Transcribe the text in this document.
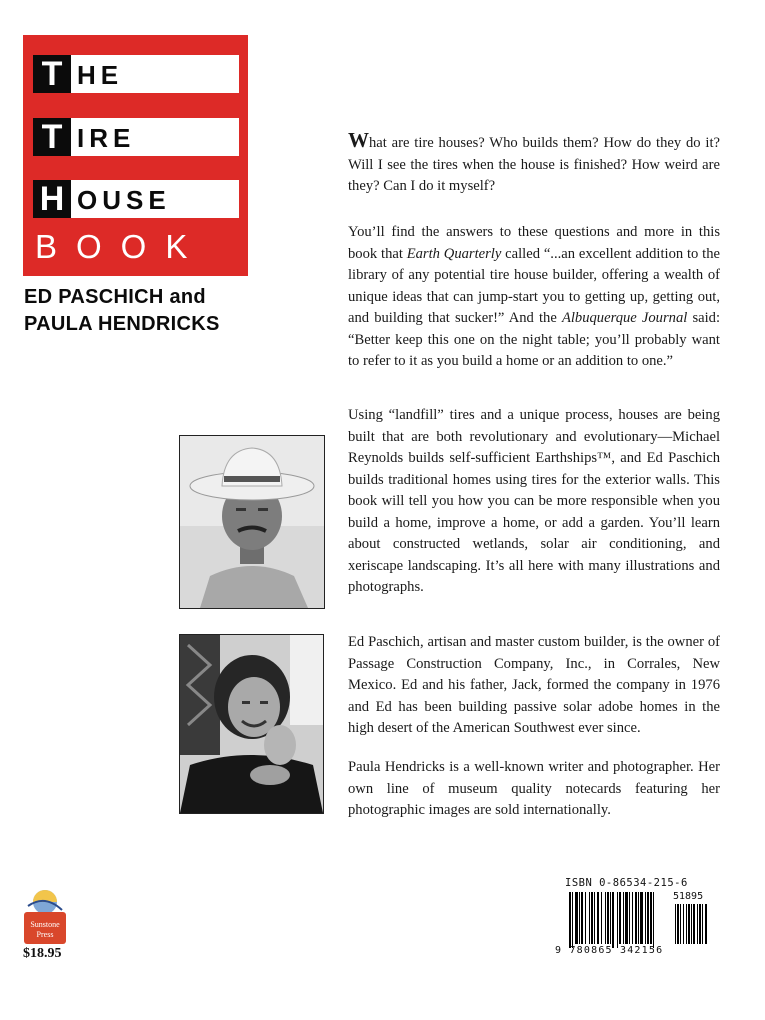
T HE
T IRE
H OUSE
BOOK
ED PASCHICH and
PAULA HENDRICKS

What are tire houses? Who builds them? How do they do it? Will I see the tires when the house is finished? How weird are they? Can I do it myself?

You’ll find the answers to these questions and more in this book that Earth Quarterly called “...an excellent addition to the library of any potential tire house builder, offering a wealth of unique ideas that can jump-start you to getting up, getting out, and building that sucker!” And the Albuquerque Journal said: “Better keep this one on the night table; you’ll probably want to refer to it as you build a home or an addition to one.”

Using “landfill” tires and a unique process, houses are being built that are both revolutionary and evolutionary—Michael Reynolds builds self-sufficient Earthships™, and Ed Paschich builds traditional homes using tires for the exterior walls. This book will tell you how you can be more responsible when you build a home, improve a home, or add a garden. You’ll learn about constructed wetlands, solar air conditioning, and xeriscape landscaping. It’s all here with many illustrations and photographs.

Ed Paschich, artisan and master custom builder, is the owner of Passage Construction Company, Inc., in Corrales, New Mexico. Ed and his father, Jack, formed the company in 1976 and Ed has been building passive solar adobe homes in the high desert of the American Southwest ever since.

Paula Hendricks is a well-known writer and photographer. Her own line of museum quality notecards featuring her photographic images are sold internationally.

Sunstone
Press
$18.95
ISBN 0-86534-215-6
51895
9 780865 342156
